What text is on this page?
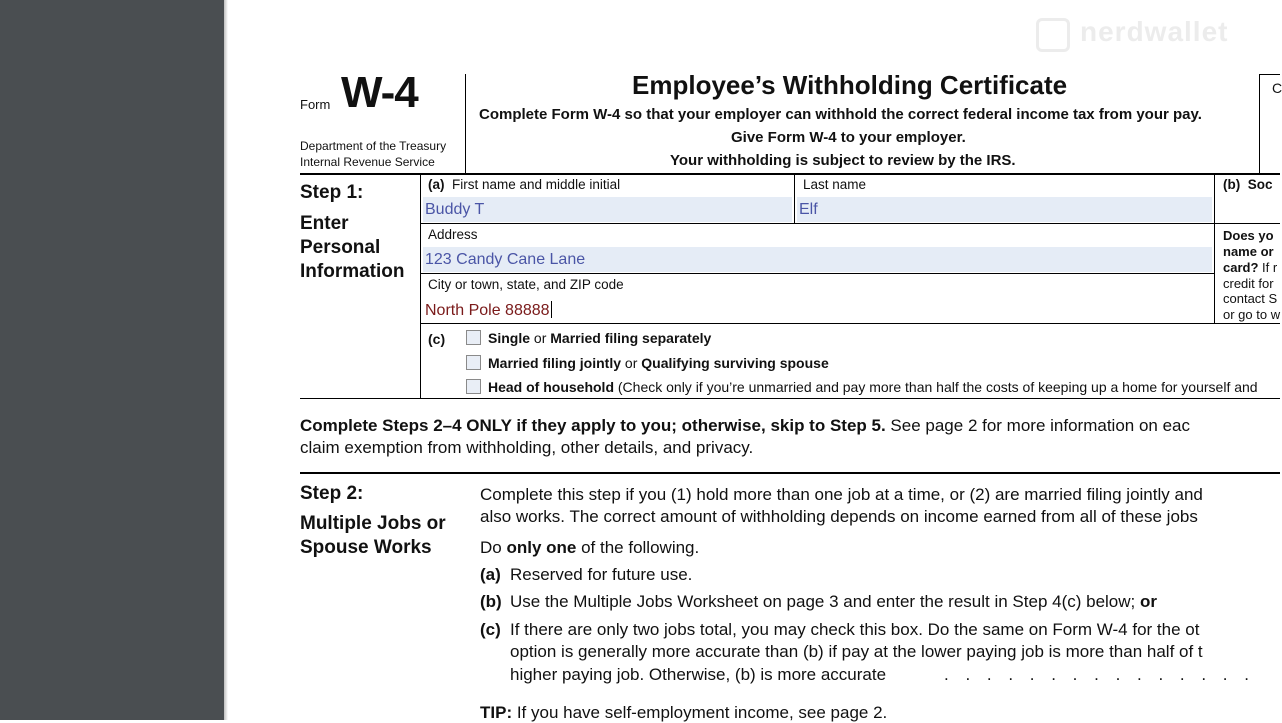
nerdwallet
Form W-4
Department of the Treasury
Internal Revenue Service
C
Employee’s Withholding Certificate
Complete Form W-4 so that your employer can withhold the correct federal income tax from your pay.
Give Form W-4 to your employer.
Your withholding is subject to review by the IRS.
Step 1:
Enter Personal Information
(a) First name and middle initial
Buddy T
Last name
Elf
(b) Soc
Address
123 Candy Cane Lane
City or town, state, and ZIP code
North Pole 88888
Does yo
name or
card? If r
credit for
contact S
or go to w
(c)	Single or Married filing separately
Married filing jointly or Qualifying surviving spouse
Head of household (Check only if you’re unmarried and pay more than half the costs of keeping up a home for yourself and
Complete Steps 2–4 ONLY if they apply to you; otherwise, skip to Step 5. See page 2 for more information on eac
claim exemption from withholding, other details, and privacy.
Step 2:
Multiple Jobs or Spouse Works
Complete this step if you (1) hold more than one job at a time, or (2) are married filing jointly and
also works. The correct amount of withholding depends on income earned from all of these jobs
Do only one of the following.
(a) Reserved for future use.
(b) Use the Multiple Jobs Worksheet on page 3 and enter the result in Step 4(c) below; or
(c) If there are only two jobs total, you may check this box. Do the same on Form W-4 for the ot
option is generally more accurate than (b) if pay at the lower paying job is more than half of t
higher paying job. Otherwise, (b) is more accurate	. . . . . . . . . . . . . . .
TIP: If you have self-employment income, see page 2.
